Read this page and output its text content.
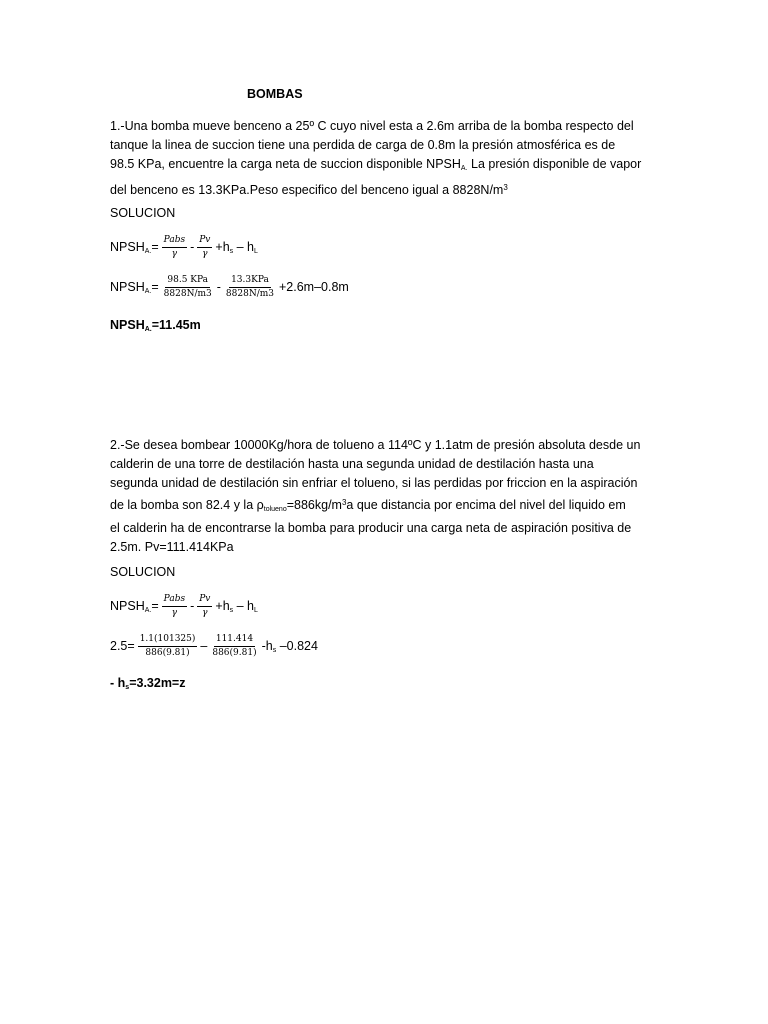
BOMBAS
1.-Una bomba mueve benceno a 25º C cuyo nivel esta a 2.6m arriba de la bomba respecto del
tanque la linea de succion tiene una perdida de carga de 0.8m la presión atmosférica es de
98.5 KPa, encuentre la carga neta de succion disponible $NPSH_{A.}$ La presión disponible de vapor
del benceno es 13.3KPa.Peso especifico del benceno igual a $8828N/m^3$
SOLUCION
$NPSH_{A.}= \frac{\text{Pabs}}{\gamma} - \frac{Pv}{\gamma} +h_s - h_L$
$NPSH_{A.}= \frac{\text{98.5 KPa}}{8828N/m3} - \frac{\text{13.3KPa}}{8828N/m3} +2.6m-0.8m$
$NPSH_{A.}=11.45m$
2.-Se desea bombear 10000Kg/hora de tolueno a 114ºC y 1.1atm de presión absoluta desde un
calderin de una torre de destilación hasta una segunda unidad de destilación hasta una
segunda unidad de destilación sin enfriar el tolueno, si las perdidas por friccion en la aspiración
de la bomba son 82.4 y la $\rho_{tolueno}=886kg/m^3a$ que distancia por encima del nivel del liquido em
el calderin ha de encontrarse la bomba para producir una carga neta de aspiración positiva de
2.5m. Pv=111.414KPa
SOLUCION
$NPSH_{A.}= \frac{\text{Pabs}}{\gamma} - \frac{Pv}{\gamma} +h_s - h_L$
$2.5= \frac{1.1(101325)}{886(9.81)} - \frac{111.414}{886(9.81)} -h_s$ –0.824
- $h_s=3.32m=z$
